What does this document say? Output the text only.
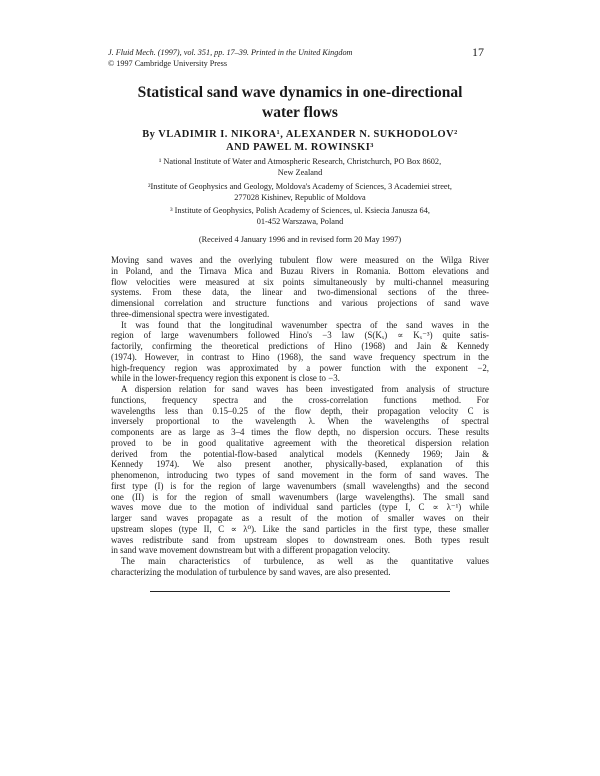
J. Fluid Mech. (1997), vol. 351, pp. 17–39. Printed in the United Kingdom
© 1997 Cambridge University Press
17
Statistical sand wave dynamics in one-directional
water flows
By VLADIMIR I. NIKORA¹, ALEXANDER N. SUKHODOLOV²
AND PAWEL M. ROWINSKI³
¹ National Institute of Water and Atmospheric Research, Christchurch, PO Box 8602,
New Zealand
²Institute of Geophysics and Geology, Moldova's Academy of Sciences, 3 Academiei street,
277028 Kishinev, Republic of Moldova
³ Institute of Geophysics, Polish Academy of Sciences, ul. Ksiecia Janusza 64,
01-452 Warszawa, Poland
(Received 4 January 1996 and in revised form 20 May 1997)
Moving sand waves and the overlying tubulent flow were measured on the Wilga River
in Poland, and the Tirnava Mica and Buzau Rivers in Romania. Bottom elevations and
flow velocities were measured at six points simultaneously by multi-channel measuring
systems. From these data, the linear and two-dimensional sections of the three-
dimensional correlation and structure functions and various projections of sand wave
three-dimensional spectra were investigated.
It was found that the longitudinal wavenumber spectra of the sand waves in the
region of large wavenumbers followed Hino's −3 law (S(Kₓ) ∝ Kₓ⁻³) quite satis-
factorily, confirming the theoretical predictions of Hino (1968) and Jain & Kennedy
(1974). However, in contrast to Hino (1968), the sand wave frequency spectrum in the
high-frequency region was approximated by a power function with the exponent −2,
while in the lower-frequency region this exponent is close to −3.
A dispersion relation for sand waves has been investigated from analysis of structure
functions, frequency spectra and the cross-correlation functions method. For
wavelengths less than 0.15–0.25 of the flow depth, their propagation velocity C is
inversely proportional to the wavelength λ. When the wavelengths of spectral
components are as large as 3–4 times the flow depth, no dispersion occurs. These results
proved to be in good qualitative agreement with the theoretical dispersion relation
derived from the potential-flow-based analytical models (Kennedy 1969; Jain &
Kennedy 1974). We also present another, physically-based, explanation of this
phenomenon, introducing two types of sand movement in the form of sand waves. The
first type (I) is for the region of large wavenumbers (small wavelengths) and the second
one (II) is for the region of small wavenumbers (large wavelengths). The small sand
waves move due to the motion of individual sand particles (type I, C ∝ λ⁻¹) while
larger sand waves propagate as a result of the motion of smaller waves on their
upstream slopes (type II, C ∝ λ⁰). Like the sand particles in the first type, these smaller
waves redistribute sand from upstream slopes to downstream ones. Both types result
in sand wave movement downstream but with a different propagation velocity.
The main characteristics of turbulence, as well as the quantitative values
characterizing the modulation of turbulence by sand waves, are also presented.
